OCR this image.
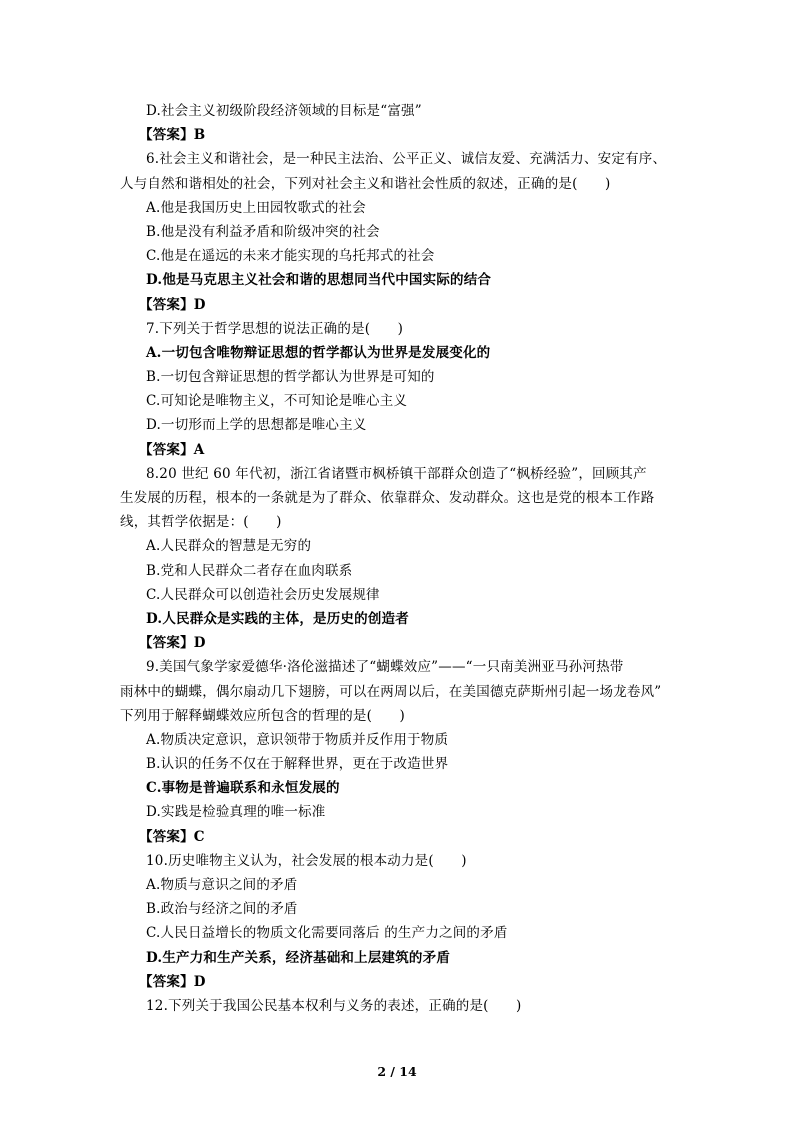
D.社会主义初级阶段经济领域的目标是“富强”
【答案】B
6.社会主义和谐社会，是一种民主法治、公平正义、诚信友爱、充满活力、安定有序、
人与自然和谐相处的社会，下列对社会主义和谐社会性质的叙述，正确的是(　　)
A.他是我国历史上田园牧歌式的社会
B.他是没有利益矛盾和阶级冲突的社会
C.他是在遥远的未来才能实现的乌托邦式的社会
D.他是马克思主义社会和谐的思想同当代中国实际的结合
【答案】D
7.下列关于哲学思想的说法正确的是(　　)
A.一切包含唯物辩证思想的哲学都认为世界是发展变化的
B.一切包含辩证思想的哲学都认为世界是可知的
C.可知论是唯物主义，不可知论是唯心主义
D.一切形而上学的思想都是唯心主义
【答案】A
8.20 世纪 60 年代初，浙江省诸暨市枫桥镇干部群众创造了“枫桥经验”，回顾其产
生发展的历程，根本的一条就是为了群众、依靠群众、发动群众。这也是党的根本工作路
线，其哲学依据是：(　　)
A.人民群众的智慧是无穷的
B.党和人民群众二者存在血肉联系
C.人民群众可以创造社会历史发展规律
D.人民群众是实践的主体，是历史的创造者
【答案】D
9.美国气象学家爱德华·洛伦滋描述了“蝴蝶效应”——“一只南美洲亚马孙河热带
雨林中的蝴蝶，偶尔扇动几下翅膀，可以在两周以后，在美国德克萨斯州引起一场龙卷风”
下列用于解释蝴蝶效应所包含的哲理的是(　　)
A.物质决定意识，意识领带于物质并反作用于物质
B.认识的任务不仅在于解释世界，更在于改造世界
C.事物是普遍联系和永恒发展的
D.实践是检验真理的唯一标准
【答案】C
10.历史唯物主义认为，社会发展的根本动力是(　　)
A.物质与意识之间的矛盾
B.政治与经济之间的矛盾
C.人民日益增长的物质文化需要同落后 的生产力之间的矛盾
D.生产力和生产关系，经济基础和上层建筑的矛盾
【答案】D
12.下列关于我国公民基本权利与义务的表述，正确的是(　　)
2 / 14
